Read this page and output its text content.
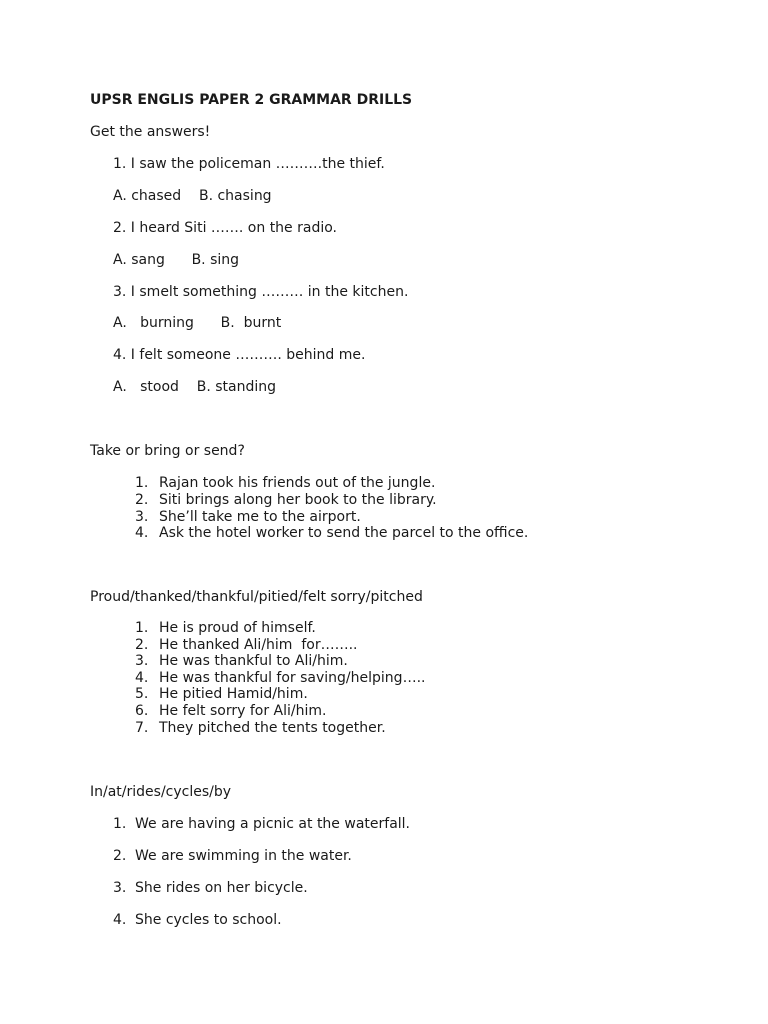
UPSR ENGLIS PAPER 2 GRAMMAR DRILLS
Get the answers!
1. I saw the policeman ……….the thief.
A. chased    B. chasing
2. I heard Siti ……. on the radio.
A. sang      B. sing
3. I smelt something ……… in the kitchen.
A.   burning      B.  burnt
4. I felt someone ………. behind me.
A.   stood    B. standing
Take or bring or send?
1. Rajan took his friends out of the jungle.
2. Siti brings along her book to the library.
3. She’ll take me to the airport.
4. Ask the hotel worker to send the parcel to the office.
Proud/thanked/thankful/pitied/felt sorry/pitched
1. He is proud of himself.
2. He thanked Ali/him  for……..
3. He was thankful to Ali/him.
4. He was thankful for saving/helping…..
5. He pitied Hamid/him.
6. He felt sorry for Ali/him.
7. They pitched the tents together.
In/at/rides/cycles/by
1. We are having a picnic at the waterfall.
2. We are swimming in the water.
3. She rides on her bicycle.
4. She cycles to school.
